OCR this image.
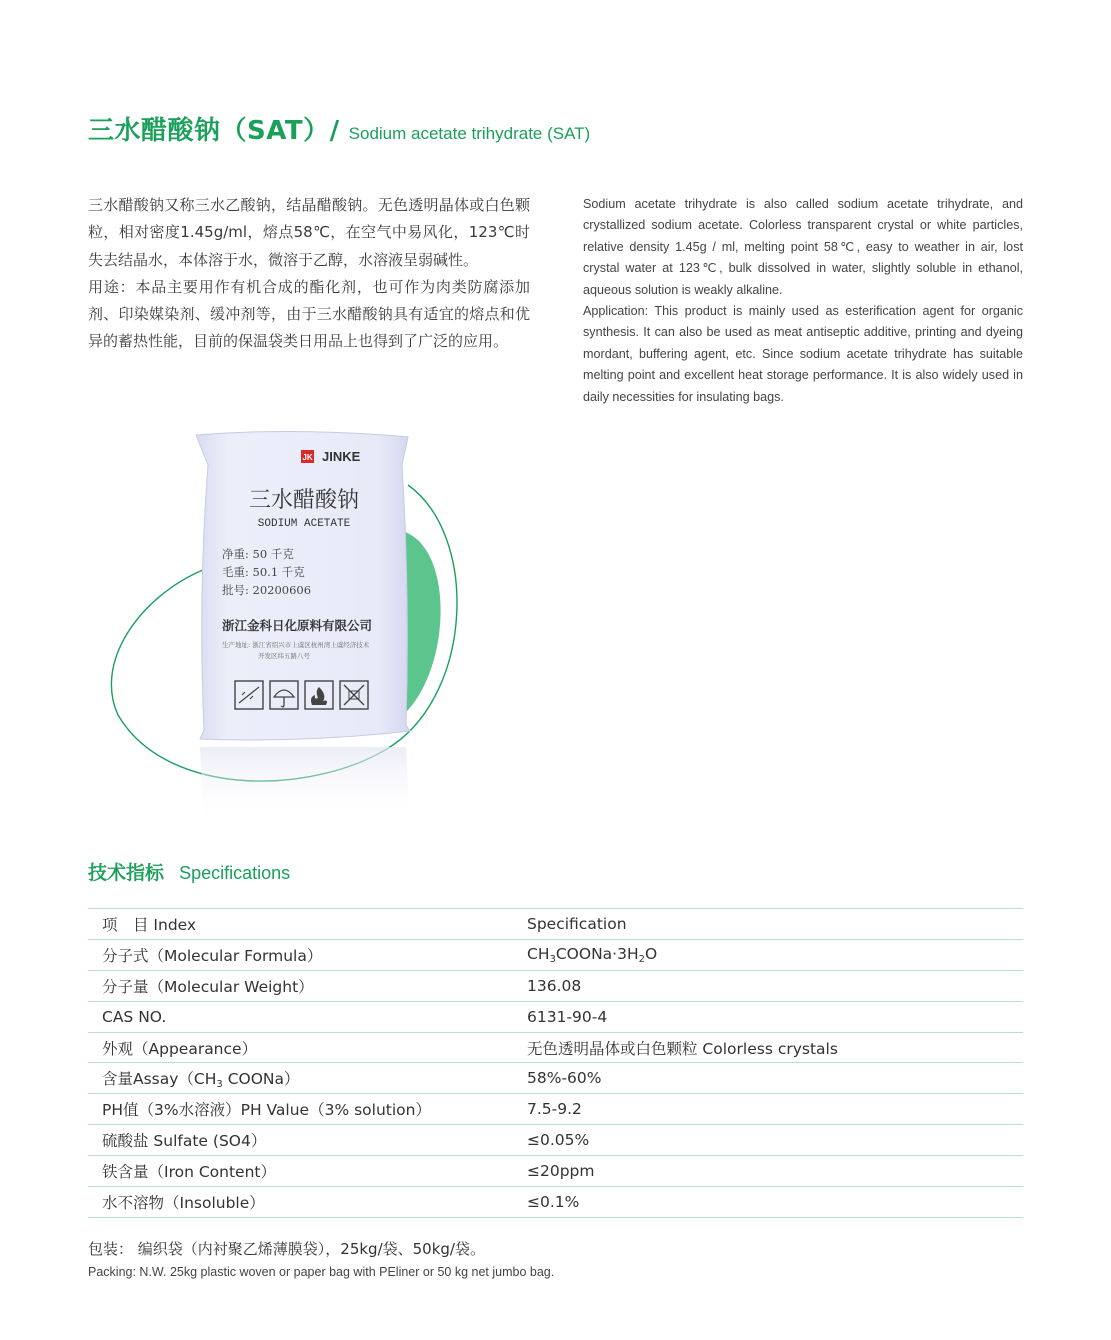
三水醋酸钠（SAT）/ Sodium acetate trihydrate (SAT)

三水醋酸钠又称三水乙酸钠，结晶醋酸钠。无色透明晶体或白色颗粒，相对密度1.45g/ml，熔点58℃，在空气中易风化，123℃时失去结晶水，本体溶于水，微溶于乙醇，水溶液呈弱碱性。

用途：本品主要用作有机合成的酯化剂，也可作为肉类防腐添加剂、印染媒染剂、缓冲剂等，由于三水醋酸钠具有适宜的熔点和优异的蓄热性能，目前的保温袋类日用品上也得到了广泛的应用。

Sodium acetate trihydrate is also called sodium acetate trihydrate, and crystallized sodium acetate. Colorless transparent crystal or white particles, relative density 1.45g / ml, melting point 58℃, easy to weather in air, lost crystal water at 123℃, bulk dissolved in water, slightly soluble in ethanol, aqueous solution is weakly alkaline.

Application: This product is mainly used as esterification agent for organic synthesis. It can also be used as meat antiseptic additive, printing and dyeing mordant, buffering agent, etc. Since sodium acetate trihydrate has suitable melting point and excellent heat storage performance. It is also widely used in daily necessities for insulating bags.

JK JINKE
三水醋酸钠
SODIUM ACETATE
净重: 50 千克
毛重: 50.1 千克
批号: 20200606
浙江金科日化原料有限公司
生产地址: 浙江省绍兴市上虞区杭州湾上虞经济技术
开发区纬五路八号
技术指标 Specifications
项　目 Index	Specification
分子式（Molecular Formula）	$CH_3COONa\cdot 3H_2O$
分子量（Molecular Weight）	136.08
CAS NO.	6131-90-4
外观（Appearance）	无色透明晶体或白色颗粒 Colorless crystals
含量$Assay(CH_3$ COONa）	58%-60%
PH值（3%水溶液）PH Value（3% solution）	7.5-9.2
硫酸盐 Sulfate (SO4）	≤0.05%
铁含量（Iron Content）	≤20ppm
水不溶物（Insoluble）	≤0.1%
包装： 编织袋（内衬聚乙烯薄膜袋），25kg/袋、50kg/袋。
Packing: N.W. 25kg plastic woven or paper bag with PEliner or 50 kg net jumbo bag.
